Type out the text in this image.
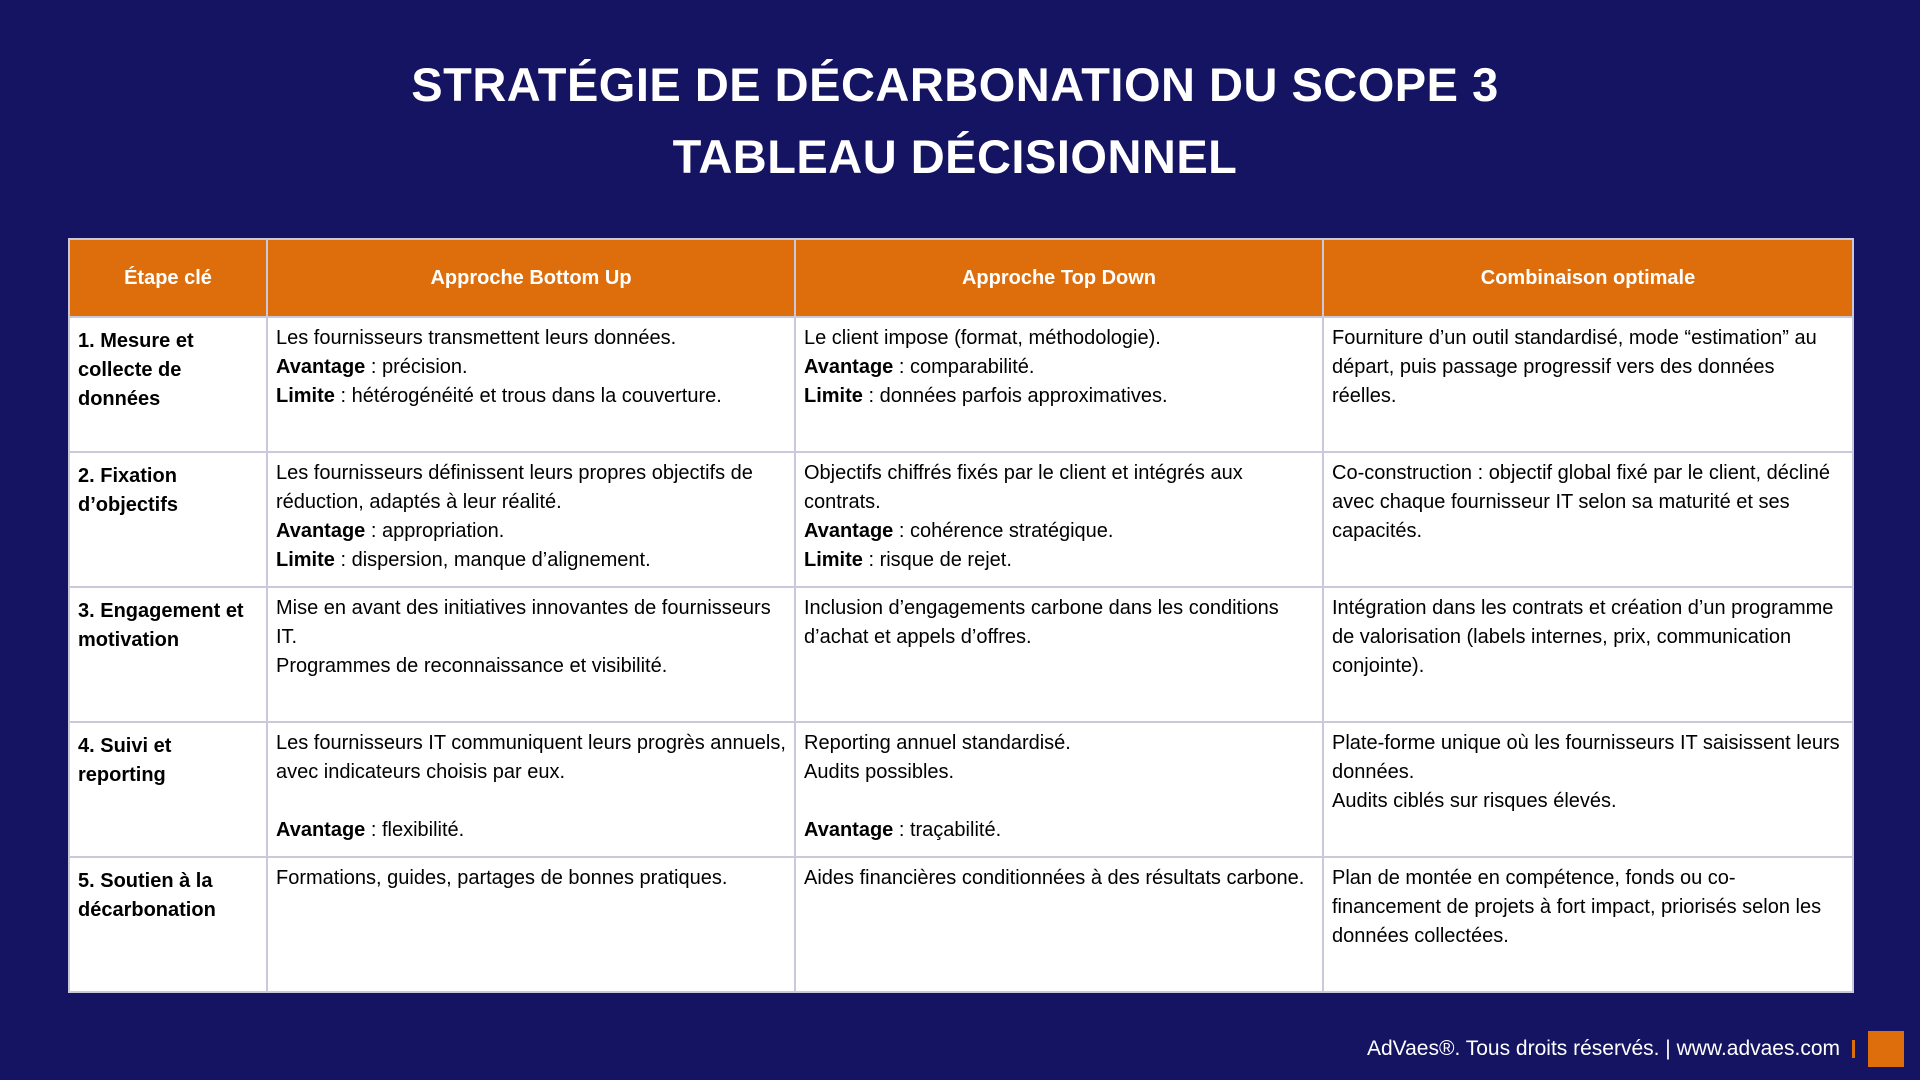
STRATÉGIE DE DÉCARBONATION DU SCOPE 3
TABLEAU DÉCISIONNEL
Étape clé	Approche Bottom Up	Approche Top Down	Combinaison optimale
1. Mesure et collecte de données	Les fournisseurs transmettent leurs données.
Avantage : précision.
Limite : hétérogénéité et trous dans la couverture.	Le client impose (format, méthodologie).
Avantage : comparabilité.
Limite : données parfois approximatives.	Fourniture d’un outil standardisé, mode “estimation” au départ, puis passage progressif vers des données réelles.

2. Fixation d’objectifs	Les fournisseurs définissent leurs propres objectifs de réduction, adaptés à leur réalité.
Avantage : appropriation.
Limite : dispersion, manque d’alignement.	Objectifs chiffrés fixés par le client et intégrés aux contrats.
Avantage : cohérence stratégique.
Limite : risque de rejet.	Co-construction : objectif global fixé par le client, décliné avec chaque fournisseur IT selon sa maturité et ses capacités.

3. Engagement et motivation	Mise en avant des initiatives innovantes de fournisseurs IT.
Programmes de reconnaissance et visibilité.	Inclusion d’engagements carbone dans les conditions d’achat et appels d’offres.	Intégration dans les contrats et création d’un programme de valorisation (labels internes, prix, communication conjointe).

4. Suivi et reporting	Les fournisseurs IT communiquent leurs progrès annuels, avec indicateurs choisis par eux.
Avantage : flexibilité.	Reporting annuel standardisé.
Audits possibles.
Avantage : traçabilité.	Plate-forme unique où les fournisseurs IT saisissent leurs données.
Audits ciblés sur risques élevés.

5. Soutien à la décarbonation	Formations, guides, partages de bonnes pratiques.	Aides financières conditionnées à des résultats carbone.	Plan de montée en compétence, fonds ou co-financement de projets à fort impact, priorisés selon les données collectées.
AdVaes®. Tous droits réservés. | www.advaes.com
